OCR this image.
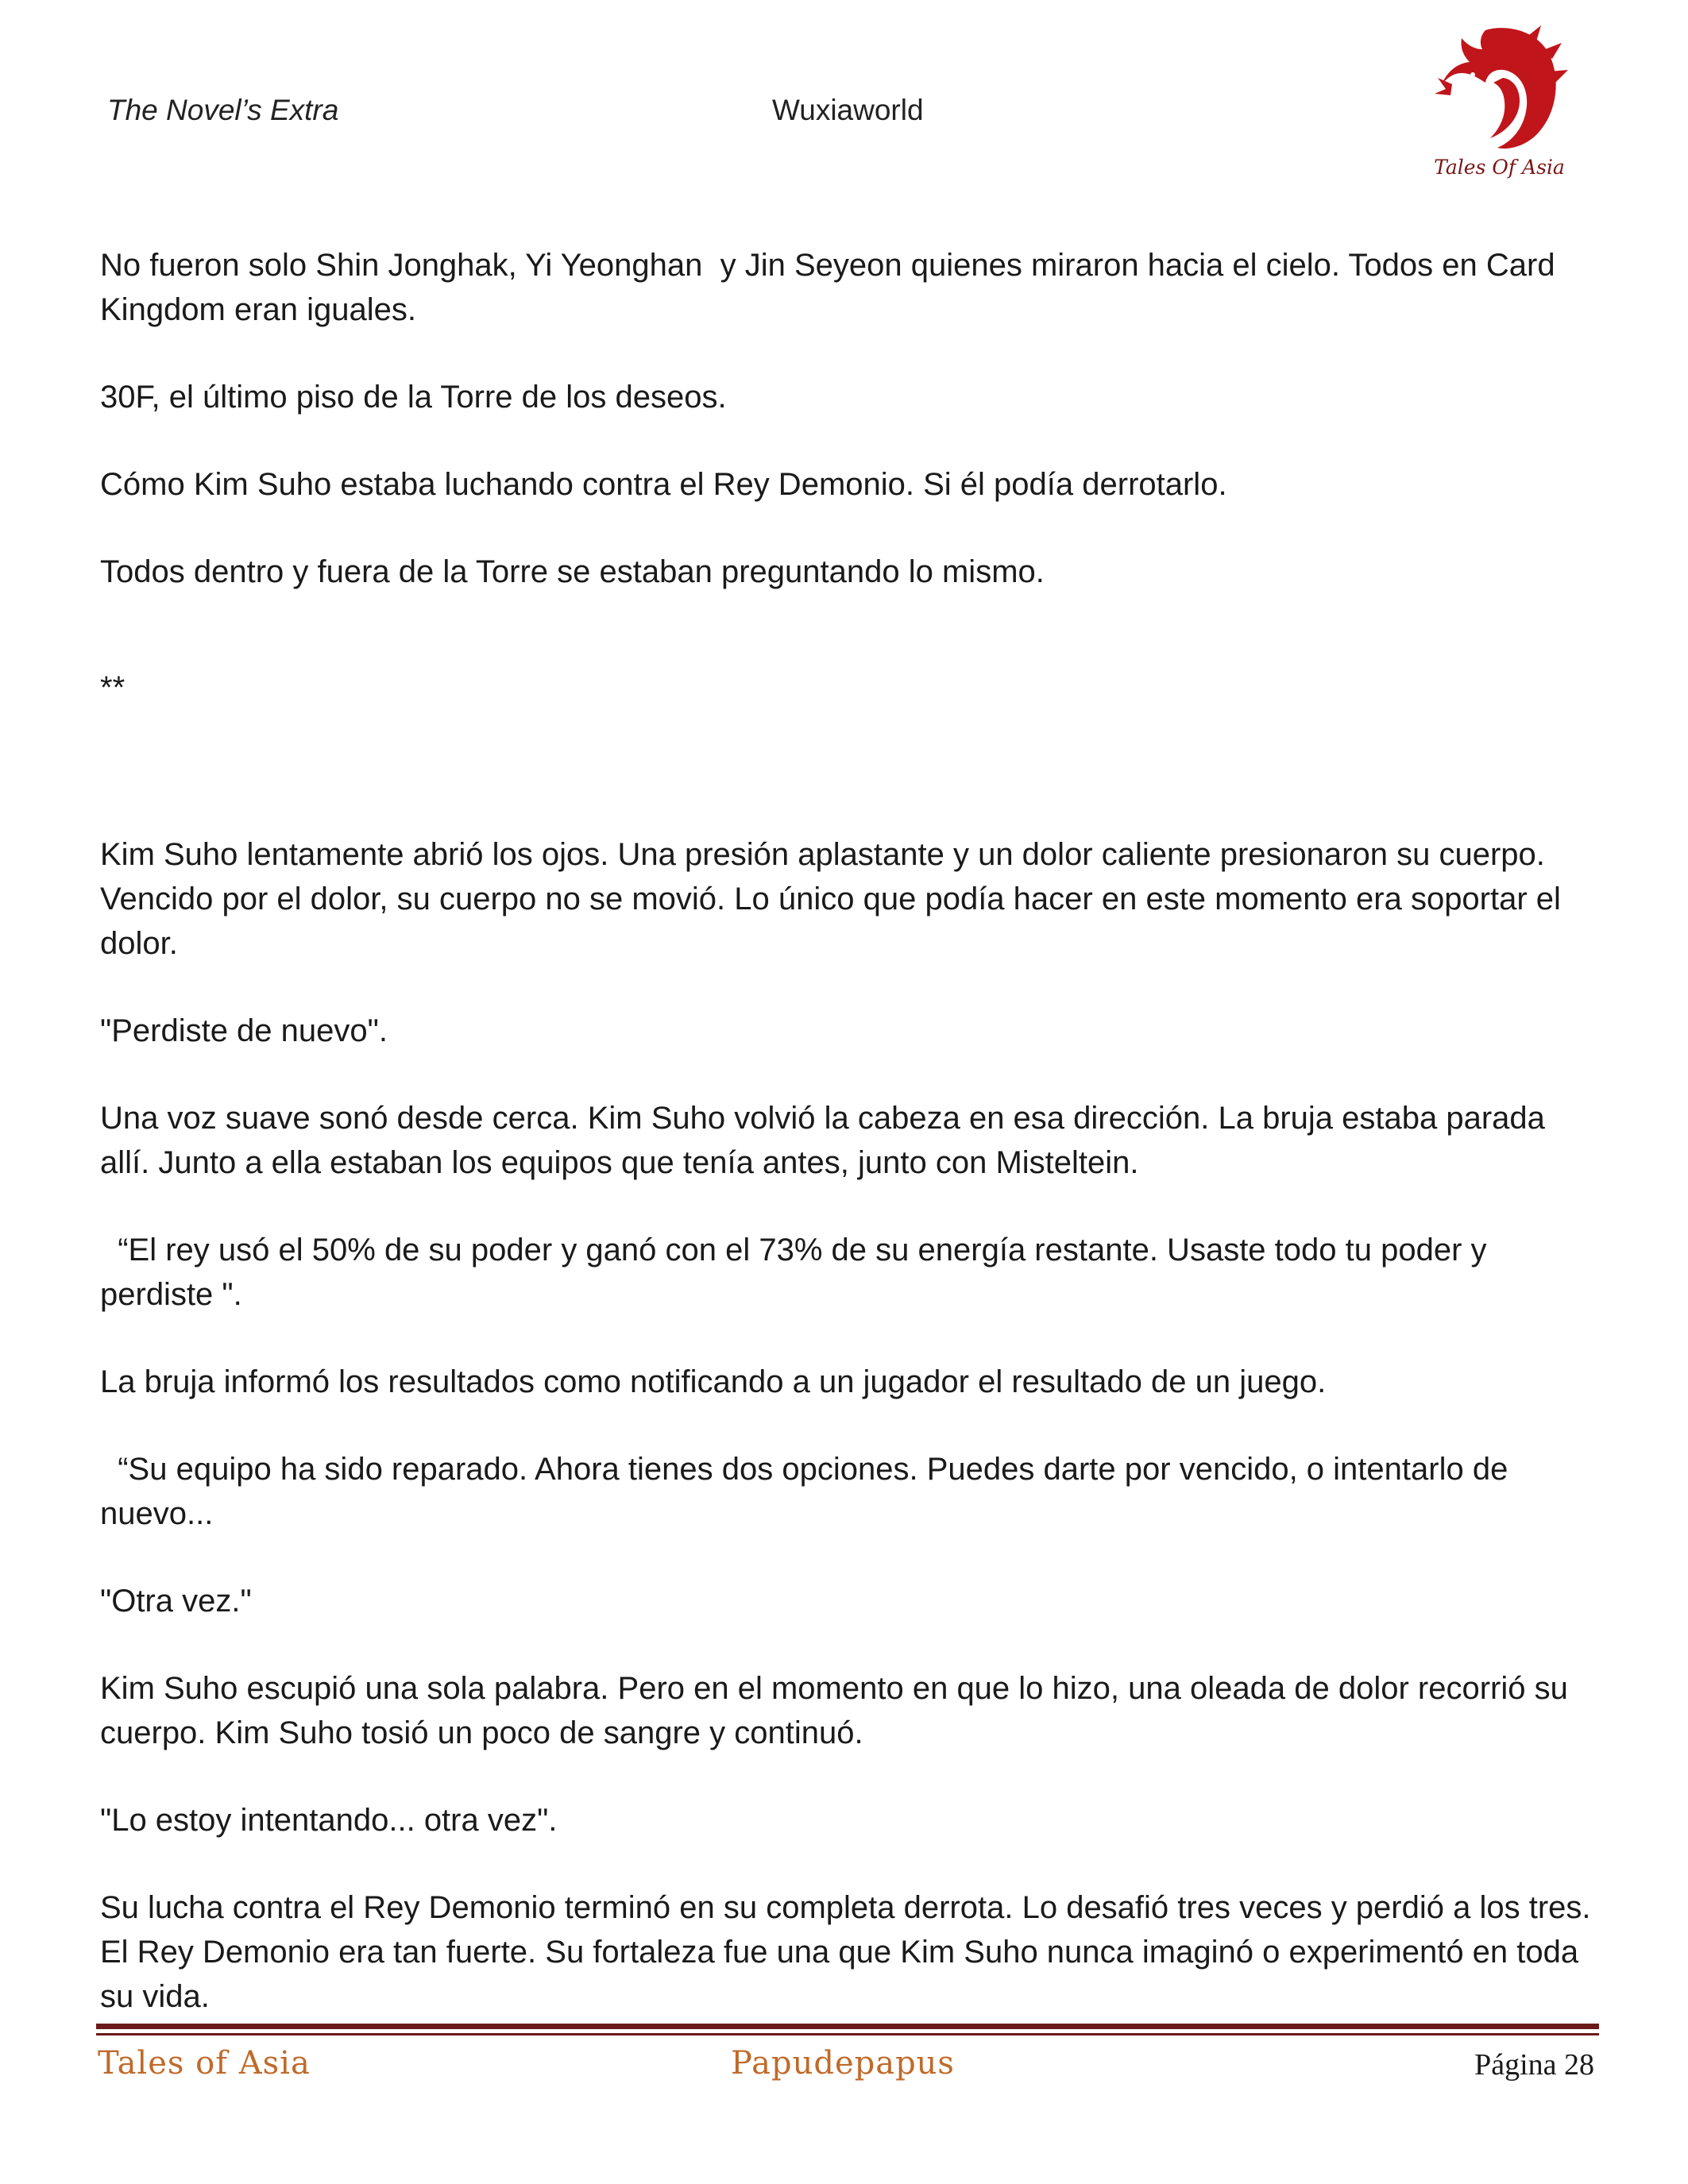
The Novel’s Extra	Wuxiaworld
Tales Of Asia

No fueron solo Shin Jonghak, Yi Yeonghan  y Jin Seyeon quienes miraron hacia el cielo. Todos en Card Kingdom eran iguales.

30F, el último piso de la Torre de los deseos.

Cómo Kim Suho estaba luchando contra el Rey Demonio. Si él podía derrotarlo.

Todos dentro y fuera de la Torre se estaban preguntando lo mismo.

**

Kim Suho lentamente abrió los ojos. Una presión aplastante y un dolor caliente presionaron su cuerpo. Vencido por el dolor, su cuerpo no se movió. Lo único que podía hacer en este momento era soportar el dolor.

"Perdiste de nuevo".

Una voz suave sonó desde cerca. Kim Suho volvió la cabeza en esa dirección. La bruja estaba parada allí. Junto a ella estaban los equipos que tenía antes, junto con Misteltein.

“El rey usó el 50% de su poder y ganó con el 73% de su energía restante. Usaste todo tu poder y perdiste ".

La bruja informó los resultados como notificando a un jugador el resultado de un juego.

“Su equipo ha sido reparado. Ahora tienes dos opciones. Puedes darte por vencido, o intentarlo de nuevo...

"Otra vez."

Kim Suho escupió una sola palabra. Pero en el momento en que lo hizo, una oleada de dolor recorrió su cuerpo. Kim Suho tosió un poco de sangre y continuó.

"Lo estoy intentando... otra vez".

Su lucha contra el Rey Demonio terminó en su completa derrota. Lo desafió tres veces y perdió a los tres. El Rey Demonio era tan fuerte. Su fortaleza fue una que Kim Suho nunca imaginó o experimentó en toda su vida.

Tales of Asia	Papudepapus	Página 28
